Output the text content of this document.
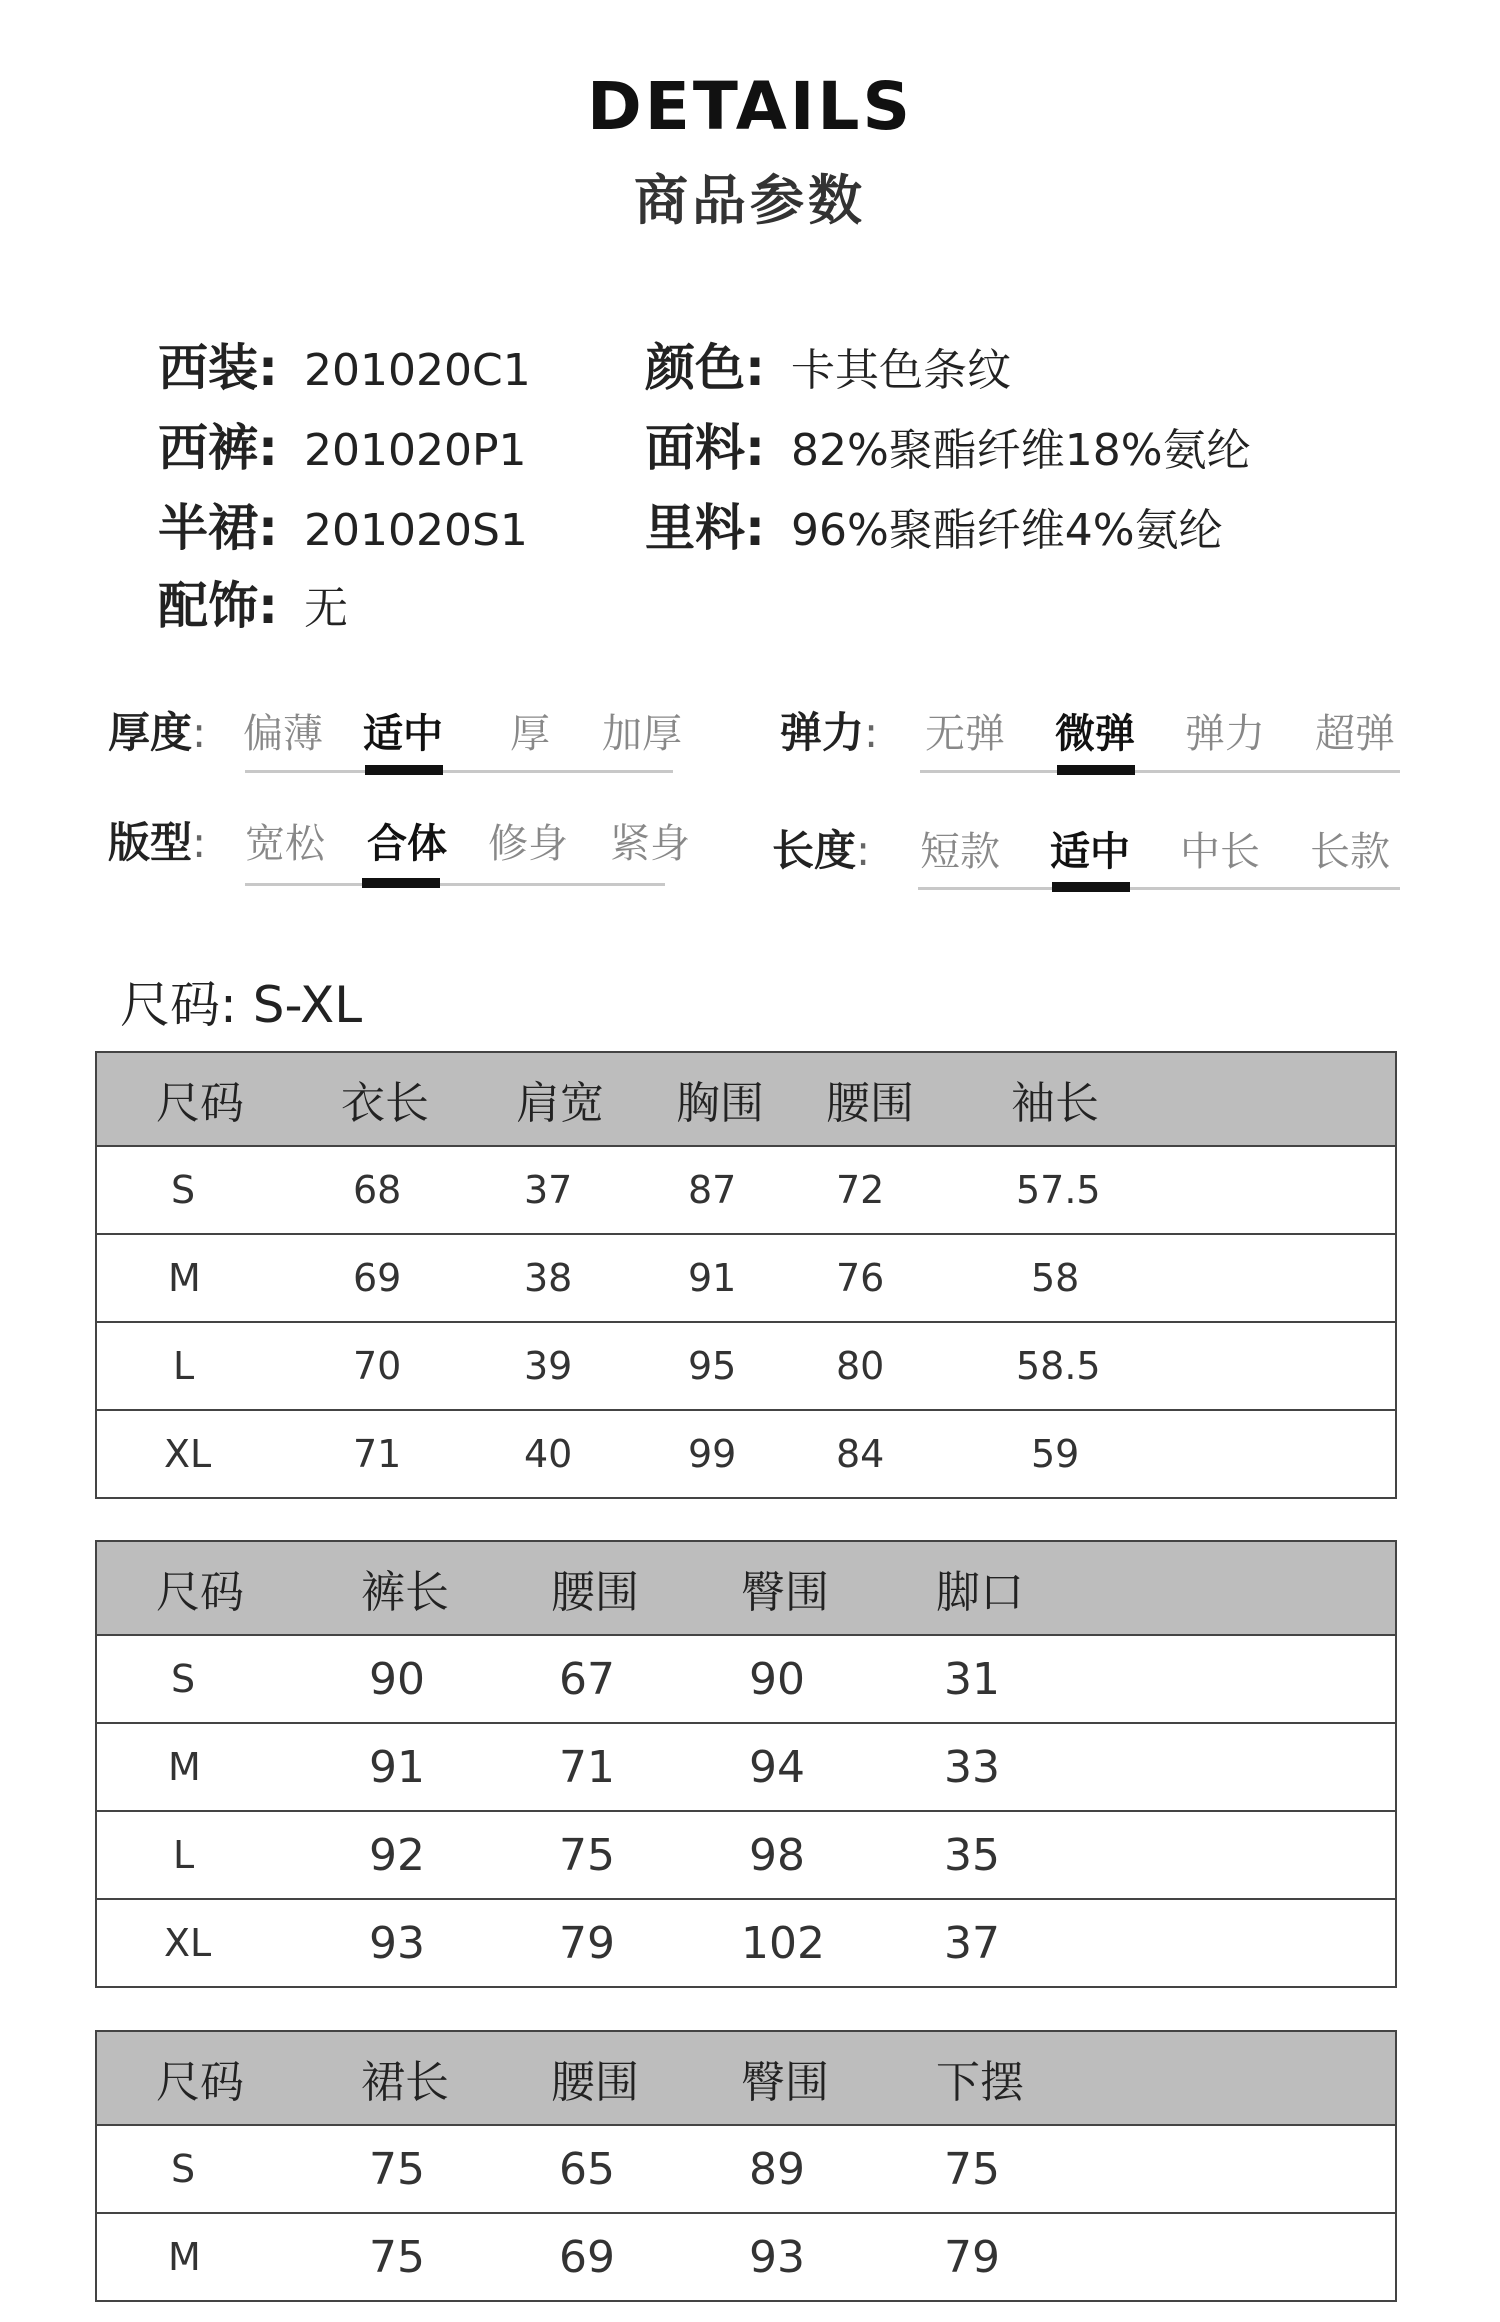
DETAILS
商品参数
西装: 201020C1
西裤: 201020P1
半裙: 201020S1
配饰: 无
颜色: 卡其色条纹
面料: 82%聚酯纤维18%氨纶
里料: 96%聚酯纤维4%氨纶
厚度: 偏薄 适中	厚	加厚 弹力: 无弹 微弹 弹力 超弹
版型: 宽松 合体 修身 紧身 长度: 短款 适中 中长 长款
尺码: S-XL
	尺码	衣长	肩宽	胸围	腰围	袖长
	S	68	37	87	72	57.5
	M	69	38	91	76	58
	L	70	39	95	80	58.5
	XL	71	40	99	84	59
	尺码	裤长	腰围	臀围	脚口
	S	90	67	90	31
	M	91	71	94	33
	L	92	75	98	35
	XL	93	79	102	37
	尺码	裙长	腰围	臀围	下摆
	S	75	65	89	75
	M	75	69	93	79
